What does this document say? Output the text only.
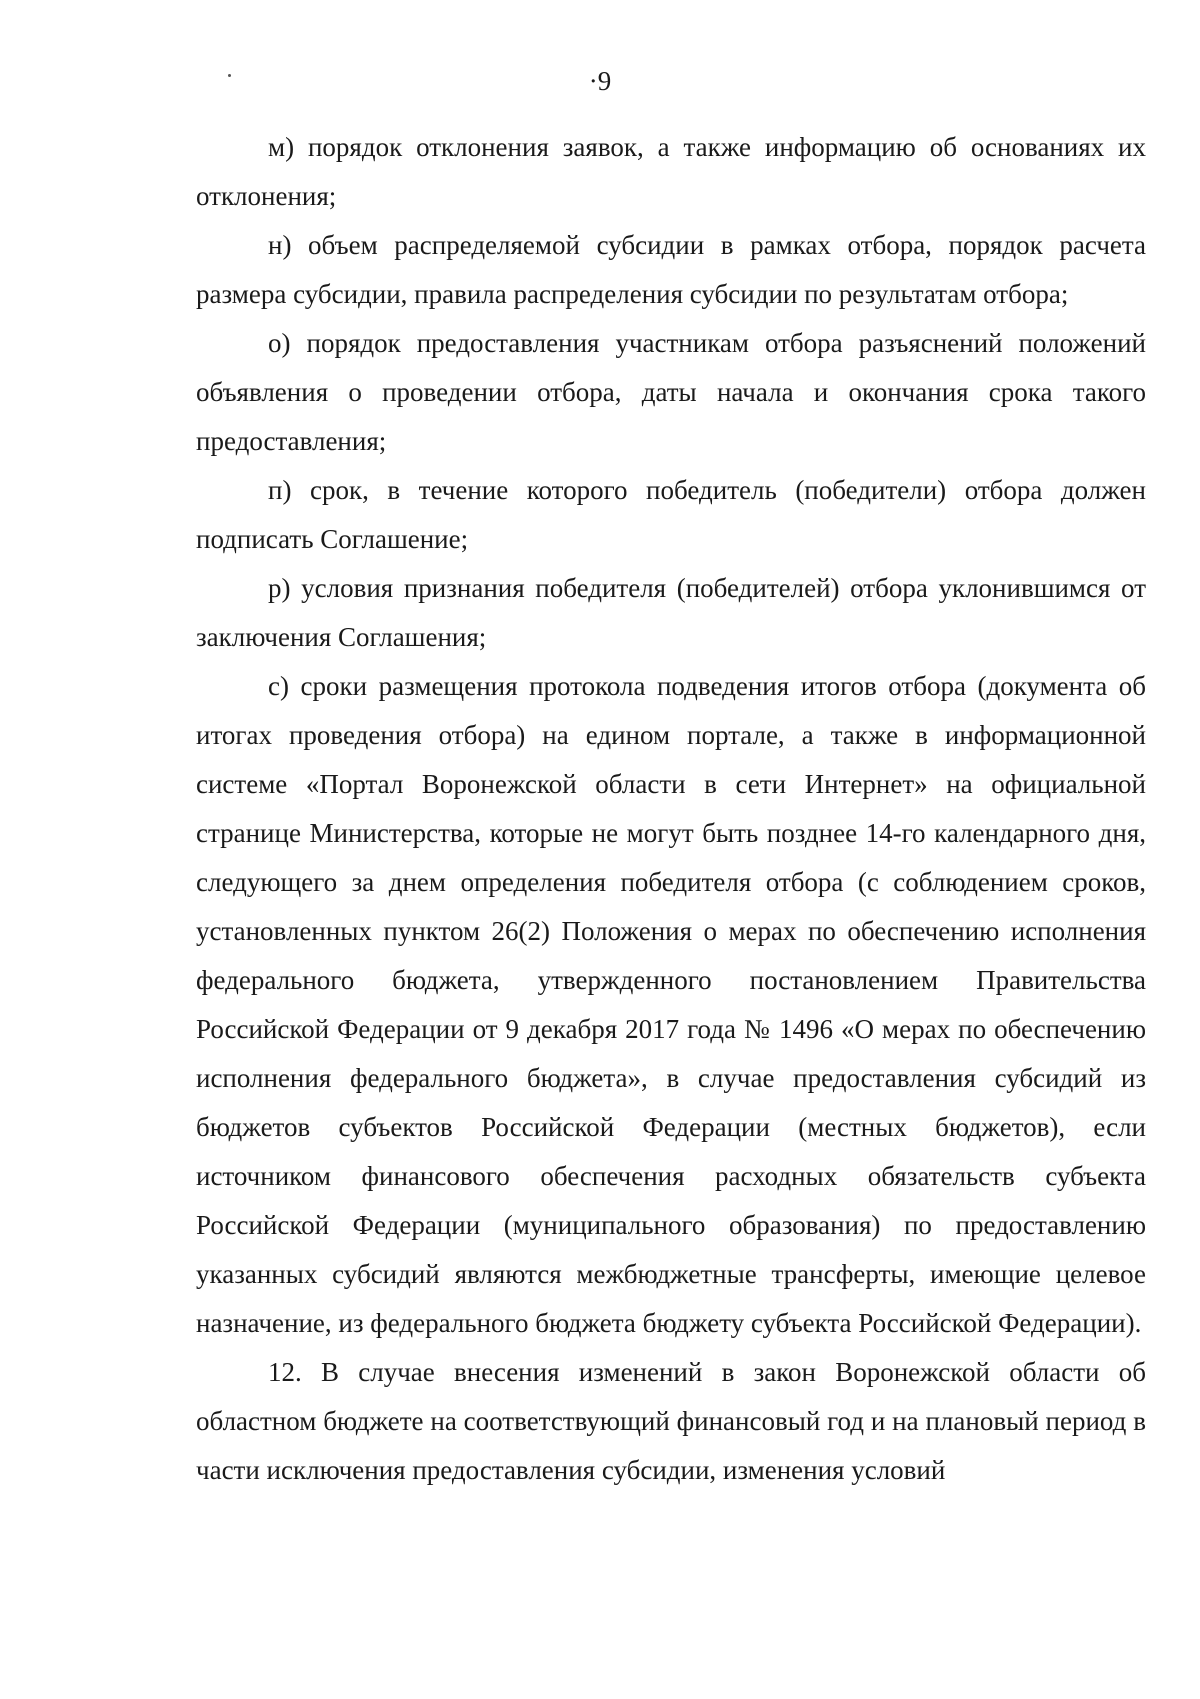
·9

м) порядок отклонения заявок, а также информацию об основаниях их отклонения;

н) объем распределяемой субсидии в рамках отбора, порядок расчета размера субсидии, правила распределения субсидии по результатам отбора;

о) порядок предоставления участникам отбора разъяснений положений объявления о проведении отбора, даты начала и окончания срока такого предоставления;

п) срок, в течение которого победитель (победители) отбора должен подписать Соглашение;

р) условия признания победителя (победителей) отбора уклонившимся от заключения Соглашения;

с) сроки размещения протокола подведения итогов отбора (документа об итогах проведения отбора) на едином портале, а также в информационной системе «Портал Воронежской области в сети Интернет» на официальной странице Министерства, которые не могут быть позднее 14-го календарного дня, следующего за днем определения победителя отбора (с соблюдением сроков, установленных пунктом 26(2) Положения о мерах по обеспечению исполнения федерального бюджета, утвержденного постановлением Правительства Российской Федерации от 9 декабря 2017 года № 1496 «О мерах по обеспечению исполнения федерального бюджета», в случае предоставления субсидий из бюджетов субъектов Российской Федерации (местных бюджетов), если источником финансового обеспечения расходных обязательств субъекта Российской Федерации (муниципального образования) по предоставлению указанных субсидий являются межбюджетные трансферты, имеющие целевое назначение, из федерального бюджета бюджету субъекта Российской Федерации).

12. В случае внесения изменений в закон Воронежской области об областном бюджете на соответствующий финансовый год и на плановый период в части исключения предоставления субсидии, изменения условий
